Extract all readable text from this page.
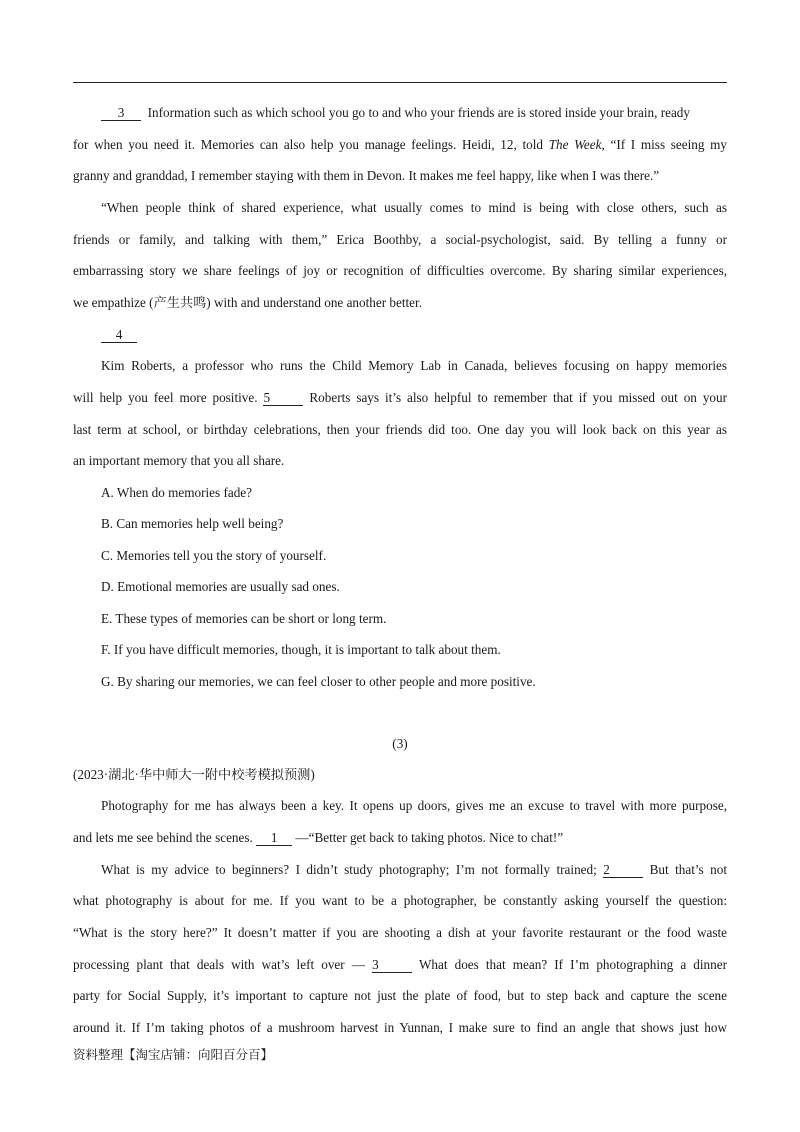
3 Information such as which school you go to and who your friends are is stored inside your brain, ready
for when you need it. Memories can also help you manage feelings. Heidi, 12, told The Week, “If I miss seeing my
granny and granddad, I remember staying with them in Devon. It makes me feel happy, like when I was there.”
“When people think of shared experience, what usually comes to mind is being with close others, such as
friends or family, and talking with them,” Erica Boothby, a social-psychologist, said. By telling a funny or
embarrassing story we share feelings of joy or recognition of difficulties overcome. By sharing similar experiences,
we empathize (产生共鸣) with and understand one another better.
4
Kim Roberts, a professor who runs the Child Memory Lab in Canada, believes focusing on happy memories
will help you feel more positive. 5	Roberts says it’s also helpful to remember that if you missed out on your
last term at school, or birthday celebrations, then your friends did too. One day you will look back on this year as
an important memory that you all share.
A. When do memories fade?
B. Can memories help well being?
C. Memories tell you the story of yourself.
D. Emotional memories are usually sad ones.
E. These types of memories can be short or long term.
F. If you have difficult memories, though, it is important to talk about them.
G. By sharing our memories, we can feel closer to other people and more positive.
(3)
(2023·湖北·华中师大一附中校考模拟预测)
Photography for me has always been a key. It opens up doors, gives me an excuse to travel with more purpose,
and lets me see behind the scenes. 1 —“Better get back to taking photos. Nice to chat!”
What is my advice to beginners? I didn’t study photography; I’m not formally trained; 2	But that’s not
what photography is about for me. If you want to be a photographer, be constantly asking yourself the question:
“What is the story here?” It doesn’t matter if you are shooting a dish at your favorite restaurant or the food waste
processing plant that deals with wat’s left over — 3	What does that mean? If I’m photographing a dinner
party for Social Supply, it’s important to capture not just the plate of food, but to step back and capture the scene
around it. If I’m taking photos of a mushroom harvest in Yunnan, I make sure to find an angle that shows just how
资料整理【淘宝店铺：向阳百分百】
